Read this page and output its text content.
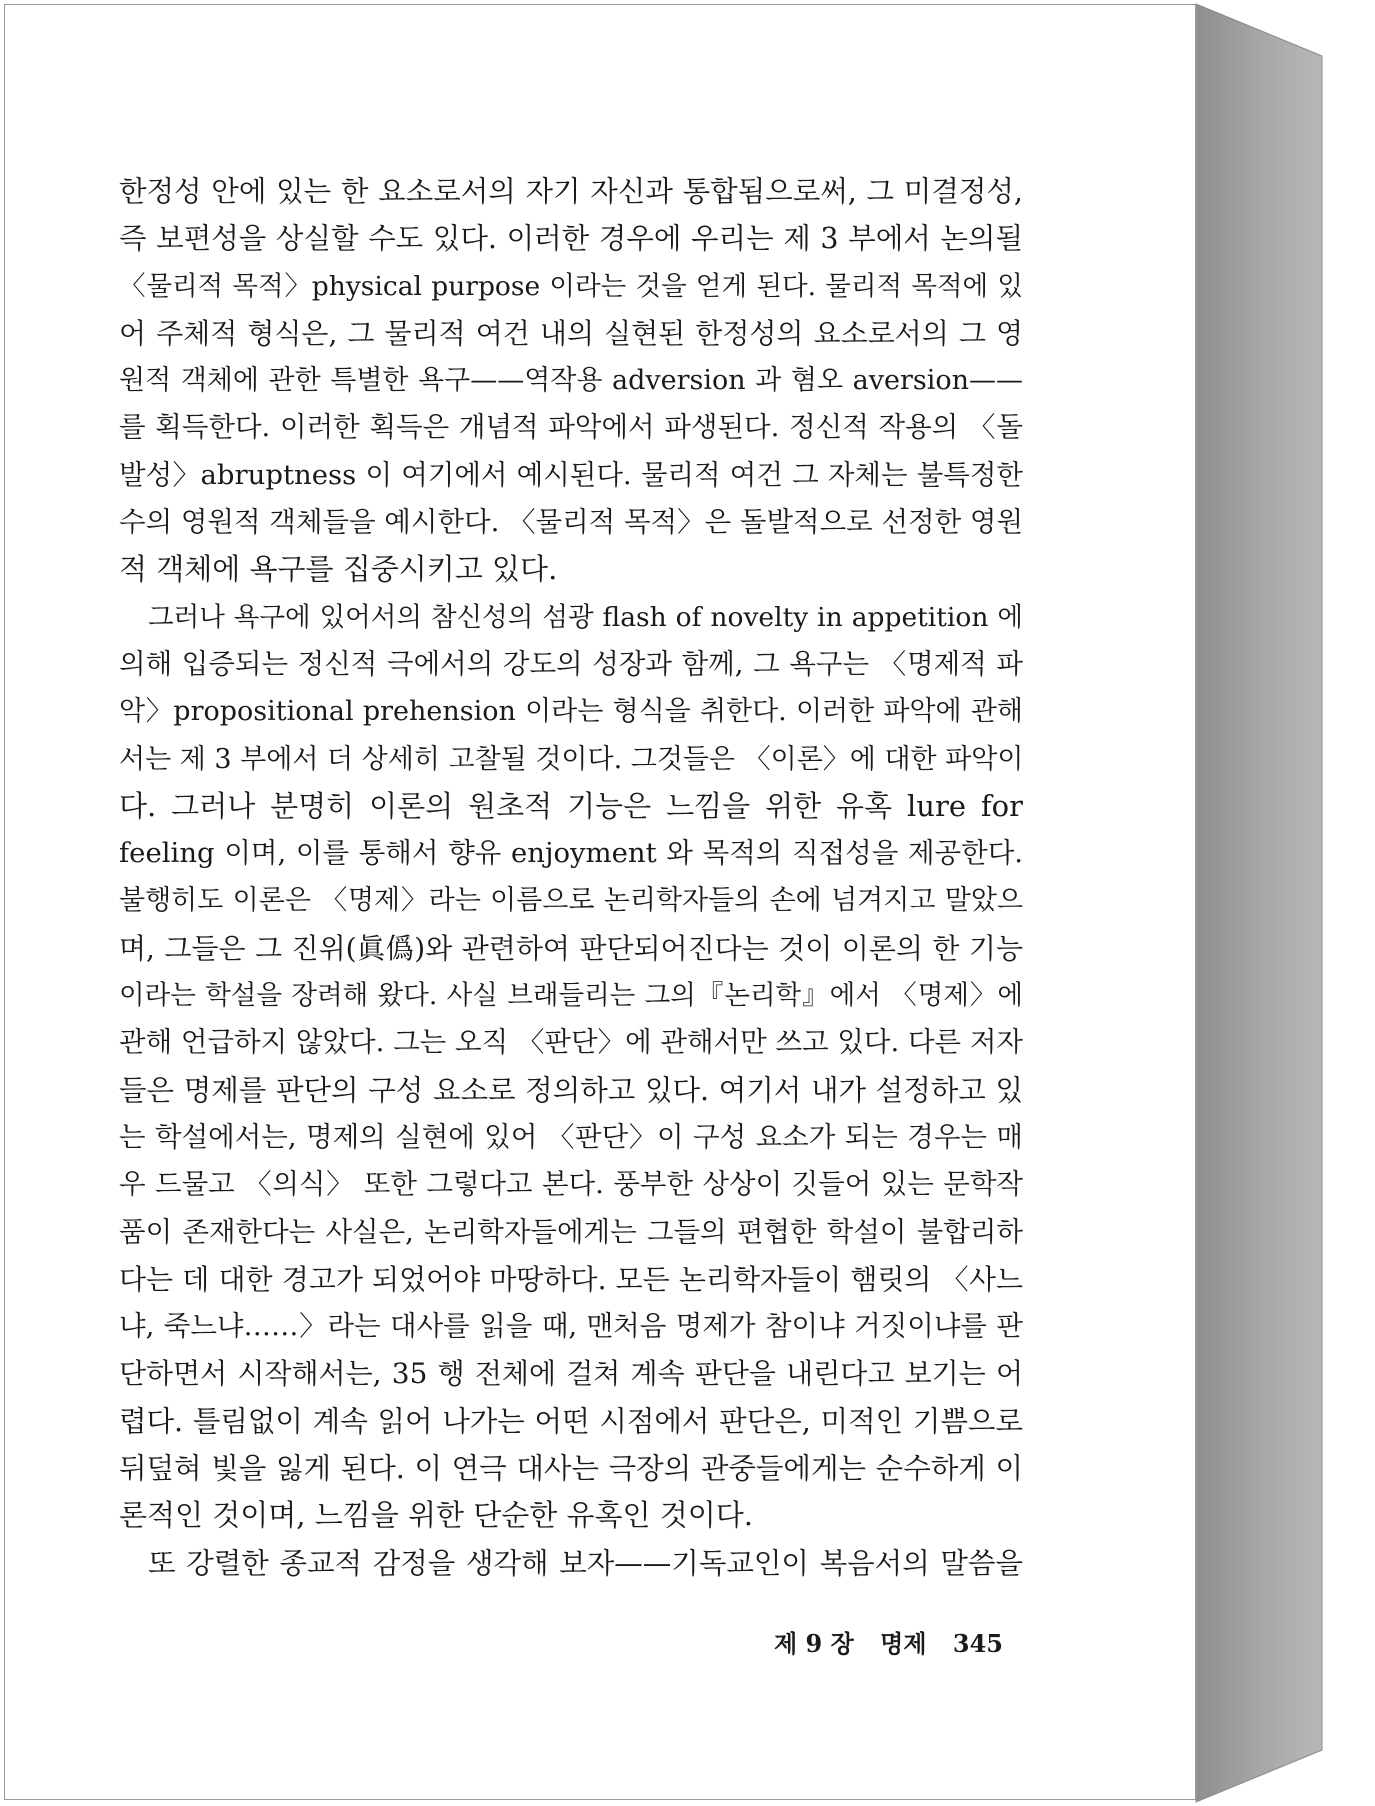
한정성 안에 있는 한 요소로서의 자기 자신과 통합됨으로써, 그 미결정성,
즉 보편성을 상실할 수도 있다. 이러한 경우에 우리는 제 3 부에서 논의될
〈물리적 목적〉physical purpose 이라는 것을 얻게 된다. 물리적 목적에 있
어 주체적 형식은, 그 물리적 여건 내의 실현된 한정성의 요소로서의 그 영
원적 객체에 관한 특별한 욕구——역작용 adversion 과 혐오 aversion——
를 획득한다. 이러한 획득은 개념적 파악에서 파생된다. 정신적 작용의 〈돌
발성〉abruptness 이 여기에서 예시된다. 물리적 여건 그 자체는 불특정한
수의 영원적 객체들을 예시한다. 〈물리적 목적〉은 돌발적으로 선정한 영원
적 객체에 욕구를 집중시키고 있다.
그러나 욕구에 있어서의 참신성의 섬광 flash of novelty in appetition 에
의해 입증되는 정신적 극에서의 강도의 성장과 함께, 그 욕구는 〈명제적 파
악〉propositional prehension 이라는 형식을 취한다. 이러한 파악에 관해
서는 제 3 부에서 더 상세히 고찰될 것이다. 그것들은 〈이론〉에 대한 파악이
다. 그러나 분명히 이론의 원초적 기능은 느낌을 위한 유혹 lure for
feeling 이며, 이를 통해서 향유 enjoyment 와 목적의 직접성을 제공한다.
불행히도 이론은 〈명제〉라는 이름으로 논리학자들의 손에 넘겨지고 말았으
며, 그들은 그 진위(眞僞)와 관련하여 판단되어진다는 것이 이론의 한 기능
이라는 학설을 장려해 왔다. 사실 브래들리는 그의『논리학』에서 〈명제〉에
관해 언급하지 않았다. 그는 오직 〈판단〉에 관해서만 쓰고 있다. 다른 저자
들은 명제를 판단의 구성 요소로 정의하고 있다. 여기서 내가 설정하고 있
는 학설에서는, 명제의 실현에 있어 〈판단〉이 구성 요소가 되는 경우는 매
우 드물고 〈의식〉 또한 그렇다고 본다. 풍부한 상상이 깃들어 있는 문학작
품이 존재한다는 사실은, 논리학자들에게는 그들의 편협한 학설이 불합리하
다는 데 대한 경고가 되었어야 마땅하다. 모든 논리학자들이 햄릿의 〈사느
냐, 죽느냐……〉라는 대사를 읽을 때, 맨처음 명제가 참이냐 거짓이냐를 판
단하면서 시작해서는, 35 행 전체에 걸쳐 계속 판단을 내린다고 보기는 어
렵다. 틀림없이 계속 읽어 나가는 어떤 시점에서 판단은, 미적인 기쁨으로
뒤덮혀 빛을 잃게 된다. 이 연극 대사는 극장의 관중들에게는 순수하게 이
론적인 것이며, 느낌을 위한 단순한 유혹인 것이다.
또 강렬한 종교적 감정을 생각해 보자——기독교인이 복음서의 말씀을
제 9 장 명제 345
